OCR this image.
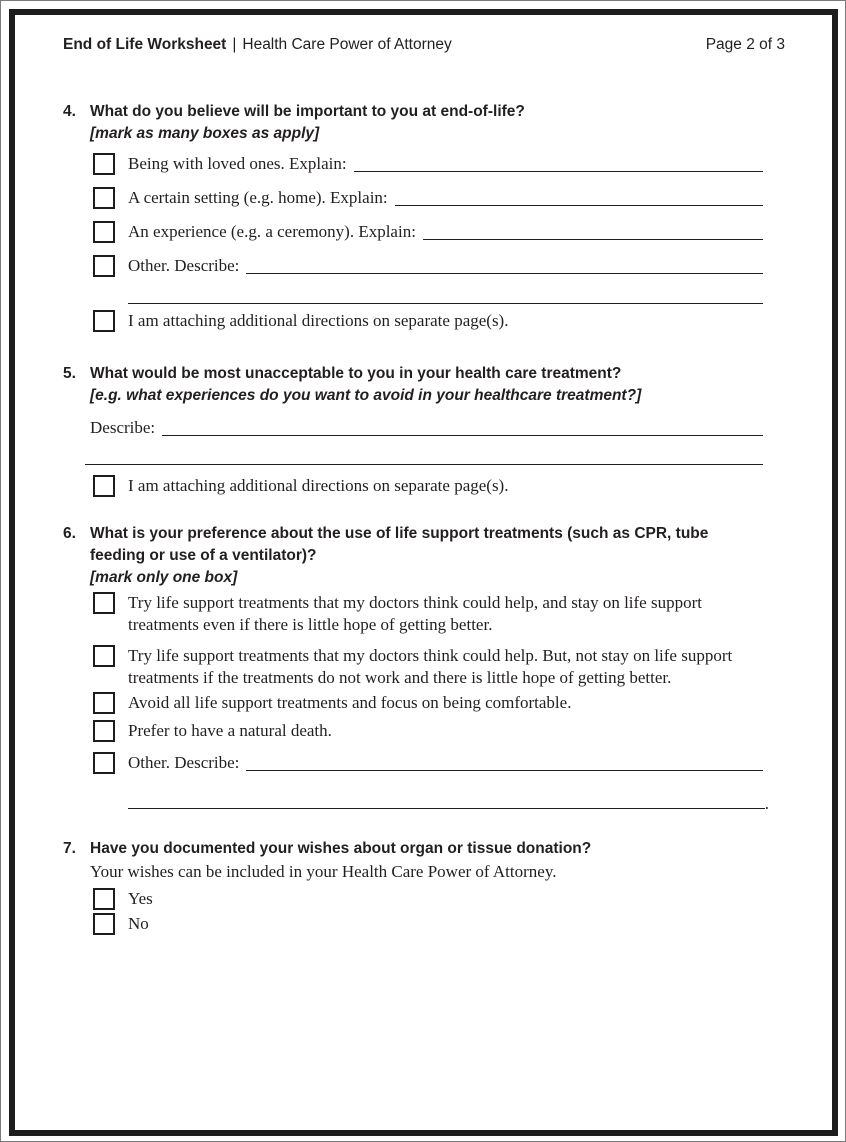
End of Life Worksheet | Health Care Power of Attorney	Page 2 of 3
4. What do you believe will be important to you at end-of-life?
[mark as many boxes as apply]
Being with loved ones. Explain:
A certain setting (e.g. home). Explain:
An experience (e.g. a ceremony). Explain:
Other. Describe:
I am attaching additional directions on separate page(s).
5. What would be most unacceptable to you in your health care treatment?
[e.g. what experiences do you want to avoid in your healthcare treatment?]
Describe:
I am attaching additional directions on separate page(s).
6. What is your preference about the use of life support treatments (such as CPR, tube feeding or use of a ventilator)?
[mark only one box]
Try life support treatments that my doctors think could help, and stay on life support treatments even if there is little hope of getting better.
Try life support treatments that my doctors think could help. But, not stay on life support treatments if the treatments do not work and there is little hope of getting better.
Avoid all life support treatments and focus on being comfortable.
Prefer to have a natural death.
Other. Describe:
.
7. Have you documented your wishes about organ or tissue donation?
Your wishes can be included in your Health Care Power of Attorney.
Yes
No
